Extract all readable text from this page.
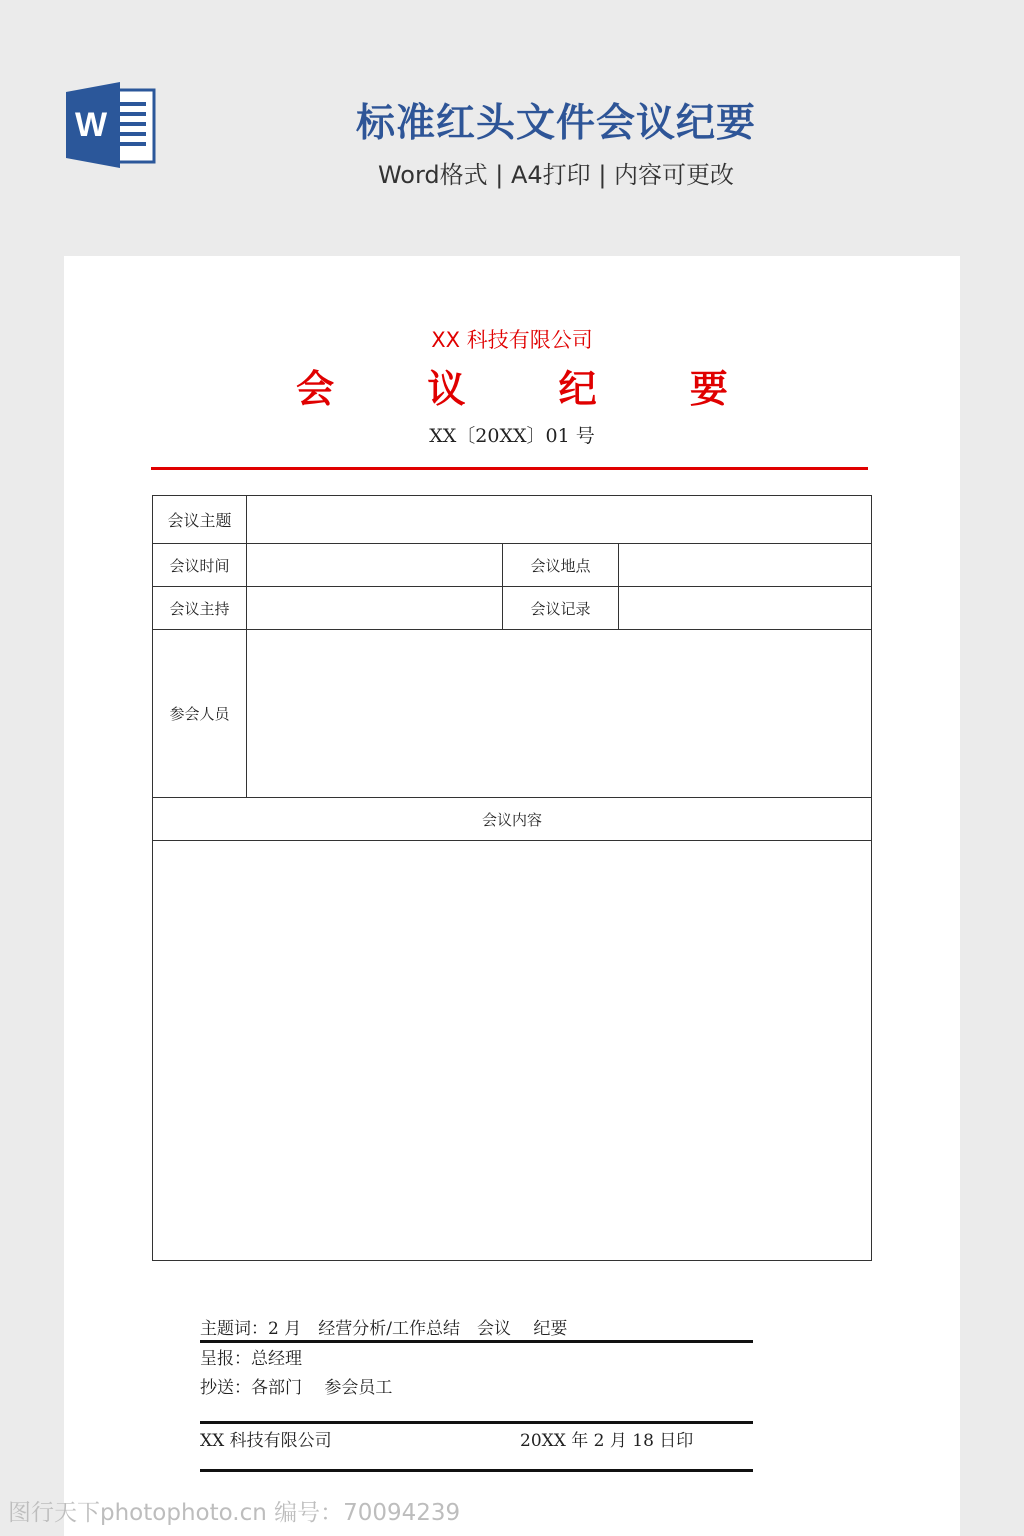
W	标准红头文件会议纪要
Word格式 | A4打印 | 内容可更改
XX 科技有限公司
会 议 纪 要
XX〔20XX〕01 号
会议主题			
会议时间		会议地点	
会议主持		会议记录	
参会人员			
会议内容			

主题词：2 月　经营分析/工作总结　会议　 纪要
呈报：总经理
抄送：各部门　 参会员工
XX 科技有限公司	20XX 年 2 月 18 日印
图行天下photophoto.cn 编号：70094239
